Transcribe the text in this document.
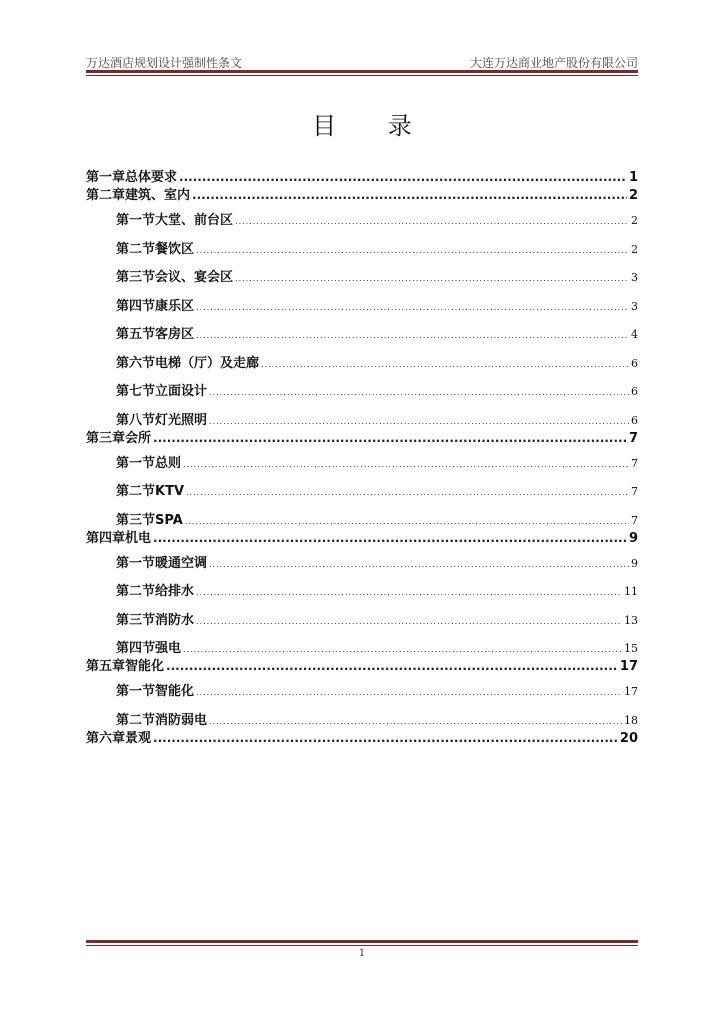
万达酒店规划设计强制性条文	大连万达商业地产股份有限公司
目 录
第一章 总体要求 .....	1
第二章 建筑、室内 .....	2
第一节 大堂、前台区 .....	2
第二节 餐饮区 .....	2
第三节 会议、宴会区 .....	3
第四节 康乐区 .....	3
第五节 客房区 .....	4
第六节 电梯（厅）及走廊 .....	6
第七节 立面设计 .....	6
第八节 灯光照明 .....	6
第三章 会所 .....	7
第一节 总则 .....	7
第二节 KTV .....	7
第三节 SPA .....	7
第四章 机电 .....	9
第一节 暖通空调 .....	9
第二节 给排水 .....	11
第三节 消防水 .....	13
第四节 强电 .....	15
第五章 智能化 .....	17
第一节 智能化 .....	17
第二节 消防弱电 .....	18
第六章 景观 .....	20
1
